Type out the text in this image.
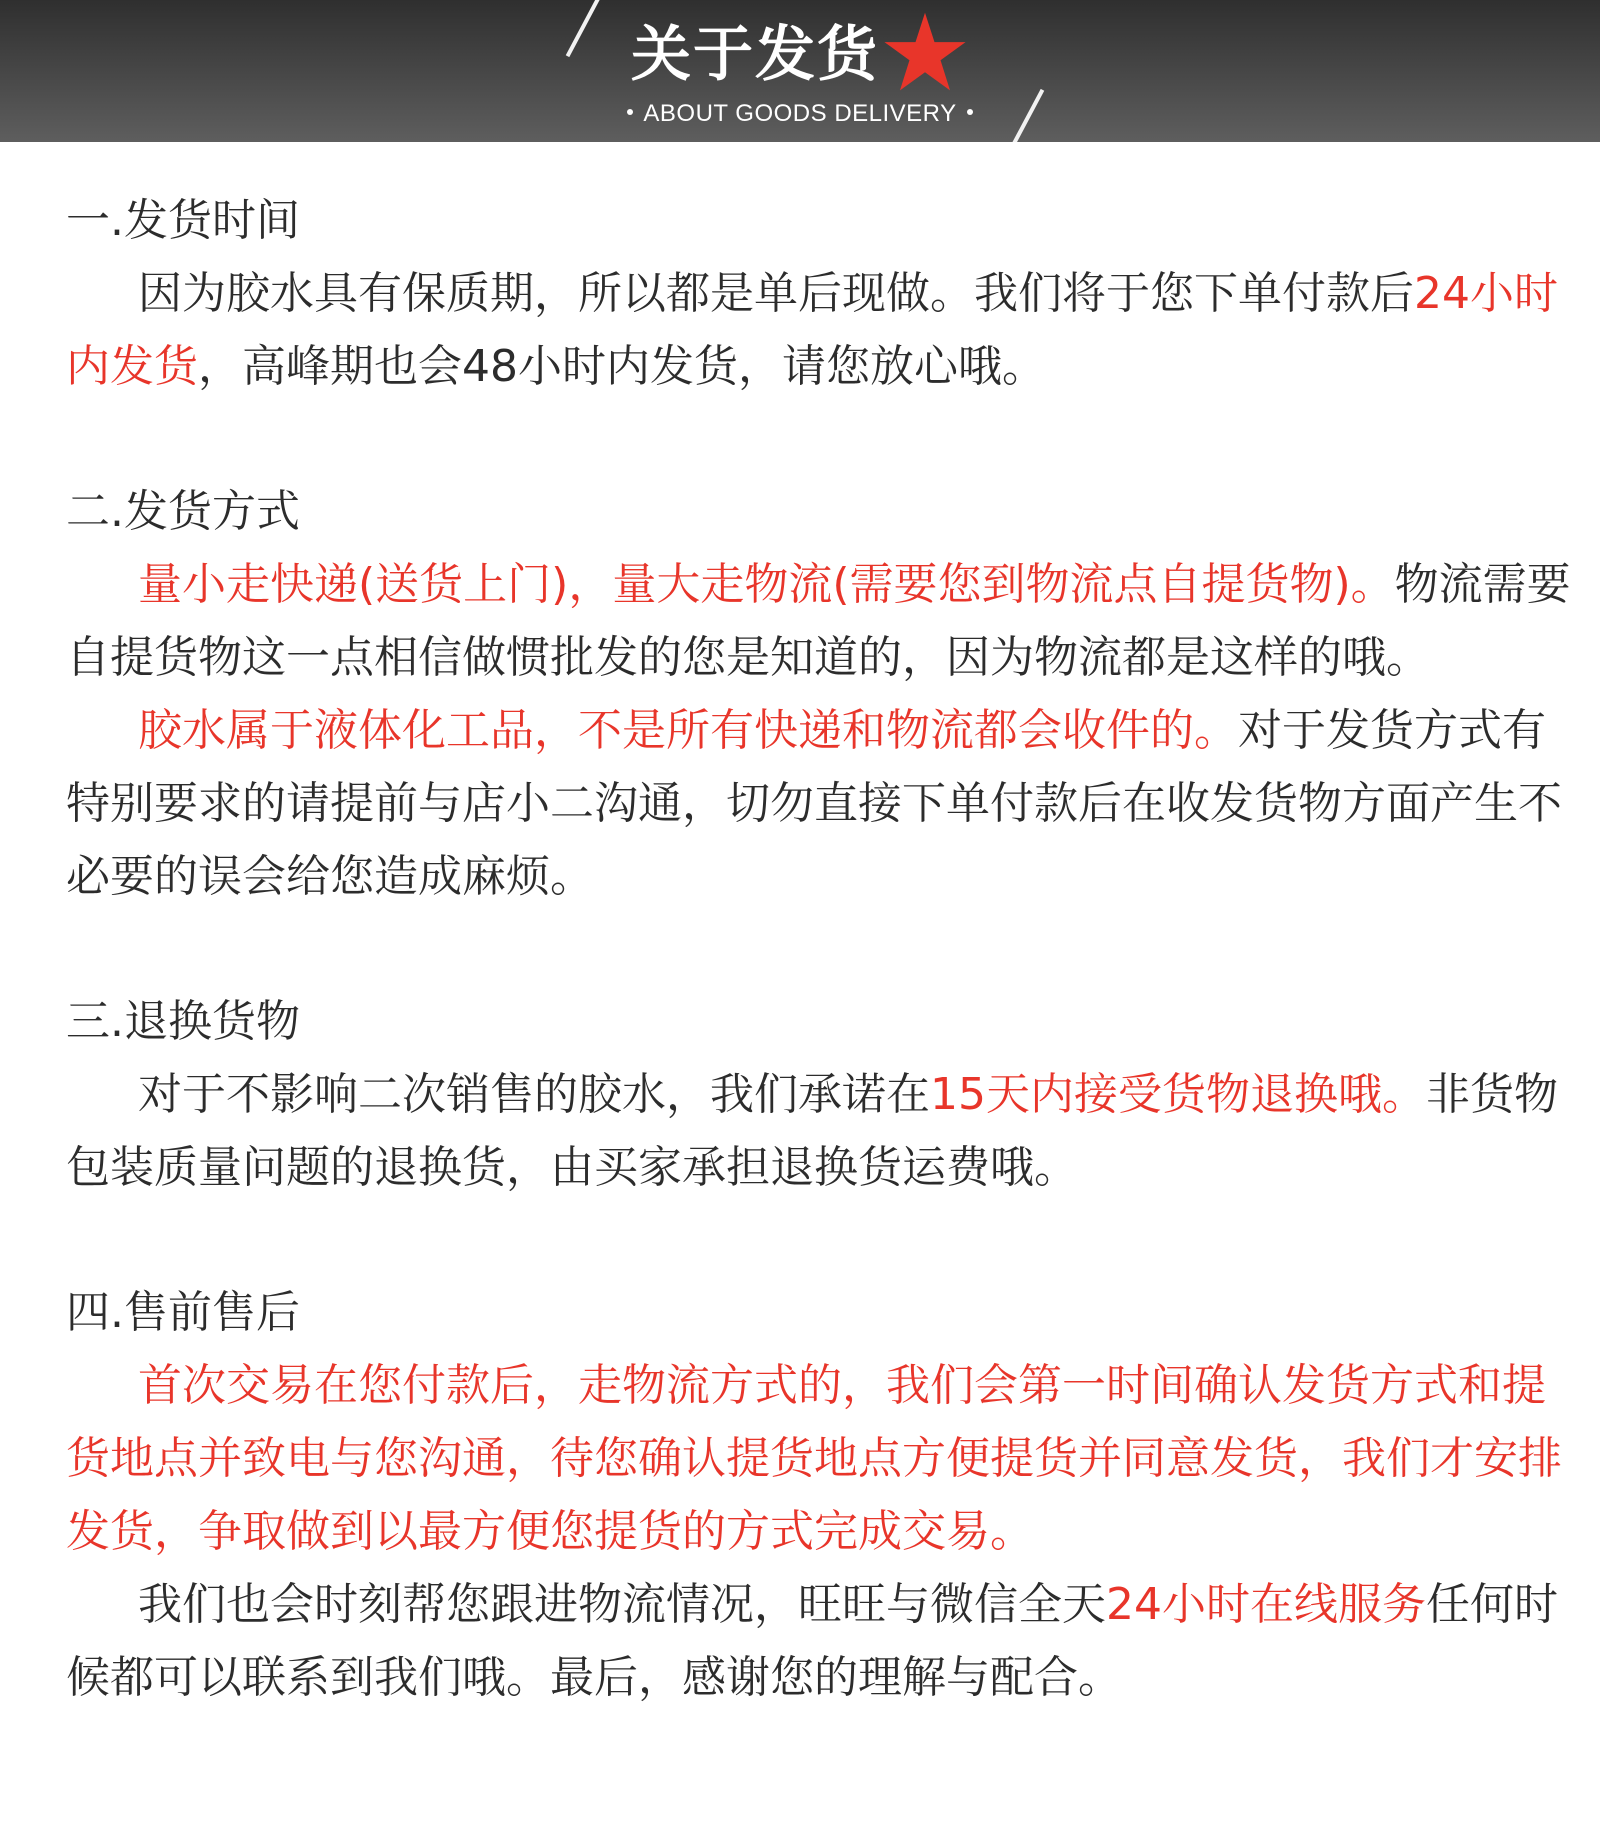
关于发货
ABOUT GOODS DELIVERY
一.发货时间

因为胶水具有保质期，所以都是单后现做。我们将于您下单付款后24小时内发货，高峰期也会48小时内发货，请您放心哦。

二.发货方式

量小走快递(送货上门)，量大走物流(需要您到物流点自提货物)。物流需要自提货物这一点相信做惯批发的您是知道的，因为物流都是这样的哦。

胶水属于液体化工品，不是所有快递和物流都会收件的。对于发货方式有特别要求的请提前与店小二沟通，切勿直接下单付款后在收发货物方面产生不必要的误会给您造成麻烦。

三.退换货物

对于不影响二次销售的胶水，我们承诺在15天内接受货物退换哦。非货物包装质量问题的退换货，由买家承担退换货运费哦。

四.售前售后

首次交易在您付款后，走物流方式的，我们会第一时间确认发货方式和提货地点并致电与您沟通，待您确认提货地点方便提货并同意发货，我们才安排发货，争取做到以最方便您提货的方式完成交易。

我们也会时刻帮您跟进物流情况，旺旺与微信全天24小时在线服务任何时候都可以联系到我们哦。最后，感谢您的理解与配合。
